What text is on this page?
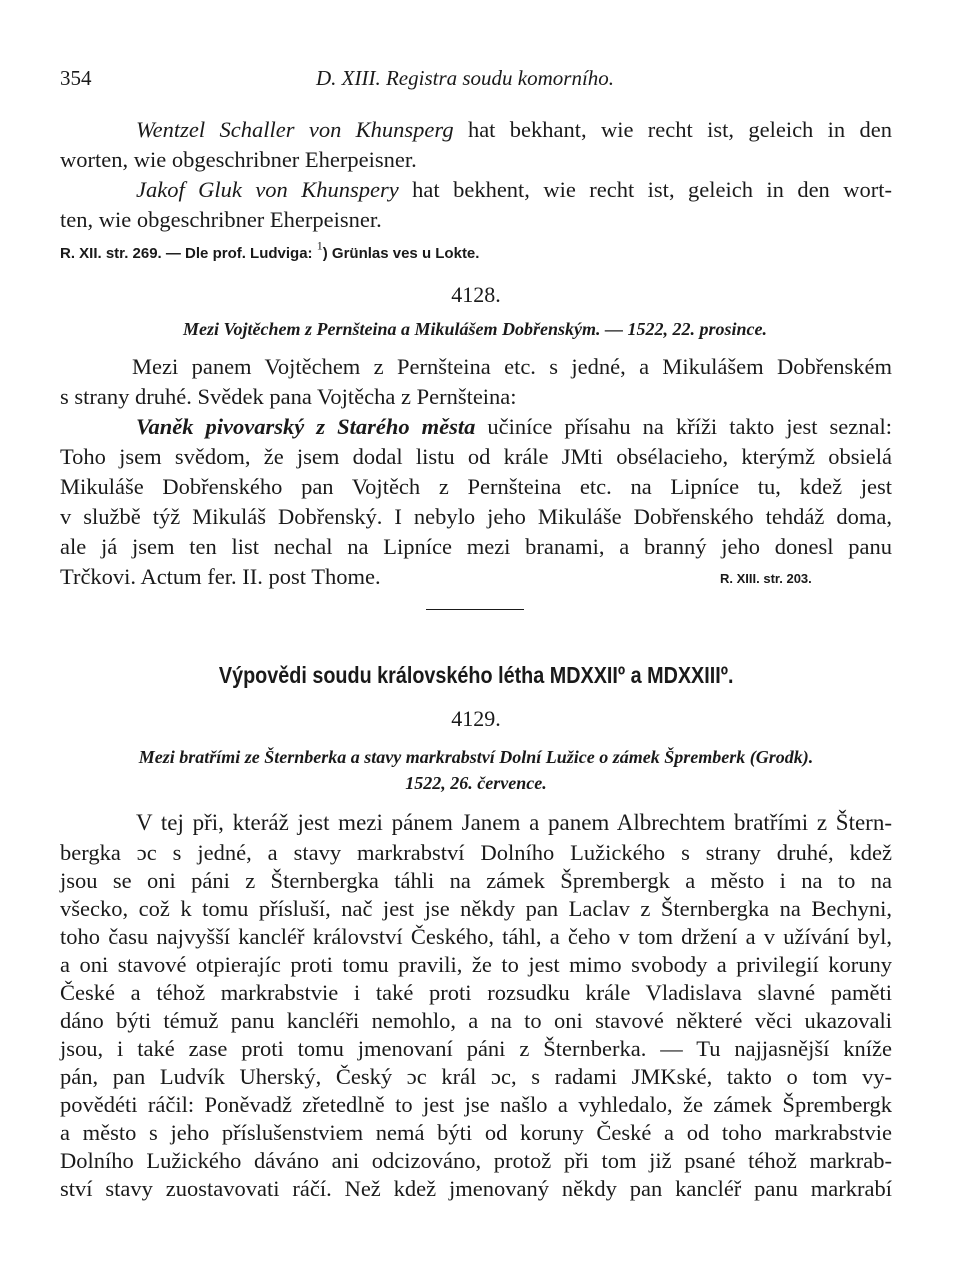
354	D. XIII. Registra soudu komorního.
Wentzel Schaller von Khunsperg hat bekhant, wie recht ist, geleich in den
worten, wie obgeschribner Eherpeisner.
Jakof Gluk von Khunspery hat bekhent, wie recht ist, geleich in den wort-
ten, wie obgeschribner Eherpeisner.
R. XII. str. 269. — Dle prof. Ludviga: $^1$) Grünlas ves u Lokte.
4128.
Mezi Vojtěchem z Pernšteina a Mikulášem Dobřenským. — 1522, 22. prosince.
Mezi panem Vojtěchem z Pernšteina etc. s jedné, a Mikulášem Dobřenském
s strany druhé. Svědek pana Vojtěcha z Pernšteina:
Vaněk pivovarský z Starého města učiníce přísahu na kříži takto jest seznal:
Toho jsem svědom, že jsem dodal listu od krále JMti obsélacieho, kterýmž obsielá
Mikuláše Dobřenského pan Vojtěch z Pernšteina etc. na Lipníce tu, kdež jest
v službě týž Mikuláš Dobřenský. I nebylo jeho Mikuláše Dobřenského tehdáž doma,
ale já jsem ten list nechal na Lipníce mezi branami, a branný jeho donesl panu
Trčkovi. Actum fer. II. post Thome.	R. XIII. str. 203.
Výpovědi soudu královského létha MDXXIIº a MDXXIIIº.
4129.
Mezi bratřími ze Šternberka a stavy markrabství Dolní Lužice o zámek Špremberk (Grodk).
1522, 26. července.
V tej při, kteráž jest mezi pánem Janem a panem Albrechtem bratřími z Štern-
bergka ɔc s jedné, a stavy markrabství Dolního Lužického s strany druhé, kdež
jsou se oni páni z Šternbergka táhli na zámek Šprembergk a město i na to na
všecko, což k tomu přísluší, nač jest jse někdy pan Laclav z Šternbergka na Bechyni,
toho času najvyšší kancléř království Českého, táhl, a čeho v tom držení a v užívání byl,
a oni stavové otpierajíc proti tomu pravili, že to jest mimo svobody a privilegií koruny
České a téhož markrabstvie i také proti rozsudku krále Vladislava slavné paměti
dáno býti témuž panu kancléři nemohlo, a na to oni stavové některé věci ukazovali
jsou, i také zase proti tomu jmenovaní páni z Šternberka. — Tu najjasnější kníže
pán, pan Ludvík Uherský, Český ɔc král ɔc, s radami JMKské, takto o tom vy-
povědéti ráčil: Poněvadž zřetedlně to jest jse našlo a vyhledalo, že zámek Šprembergk
a město s jeho příslušenstviem nemá býti od koruny České a od toho markrabstvie
Dolního Lužického dáváno ani odcizováno, protož při tom již psané téhož markrab-
ství stavy zuostavovati ráčí. Než kdež jmenovaný někdy pan kancléř panu markrabí
